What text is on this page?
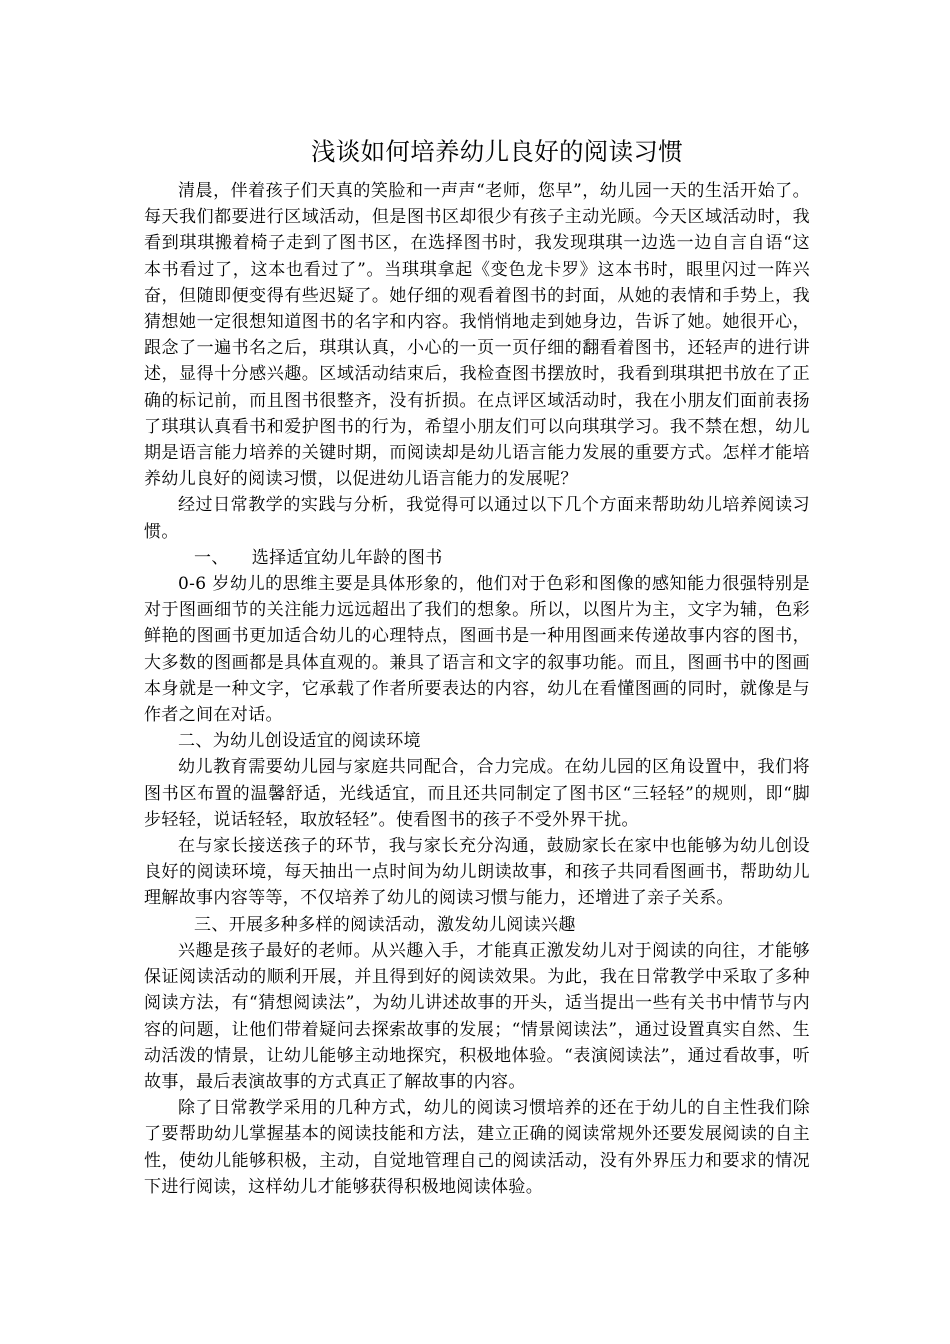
浅谈如何培养幼儿良好的阅读习惯

清晨，伴着孩子们天真的笑脸和一声声“老师，您早”，幼儿园一天的生活开始了。每天我们都要进行区域活动，但是图书区却很少有孩子主动光顾。今天区域活动时，我看到琪琪搬着椅子走到了图书区，在选择图书时，我发现琪琪一边选一边自言自语“这本书看过了，这本也看过了”。当琪琪拿起《变色龙卡罗》这本书时，眼里闪过一阵兴奋，但随即便变得有些迟疑了。她仔细的观看着图书的封面，从她的表情和手势上，我猜想她一定很想知道图书的名字和内容。我悄悄地走到她身边，告诉了她。她很开心，跟念了一遍书名之后，琪琪认真，小心的一页一页仔细的翻看着图书，还轻声的进行讲述，显得十分感兴趣。区域活动结束后，我检查图书摆放时，我看到琪琪把书放在了正确的标记前，而且图书很整齐，没有折损。在点评区域活动时，我在小朋友们面前表扬了琪琪认真看书和爱护图书的行为，希望小朋友们可以向琪琪学习。我不禁在想，幼儿期是语言能力培养的关键时期，而阅读却是幼儿语言能力发展的重要方式。怎样才能培养幼儿良好的阅读习惯，以促进幼儿语言能力的发展呢？

经过日常教学的实践与分析，我觉得可以通过以下几个方面来帮助幼儿培养阅读习惯。

一、    选择适宜幼儿年龄的图书

0-6 岁幼儿的思维主要是具体形象的，他们对于色彩和图像的感知能力很强特别是对于图画细节的关注能力远远超出了我们的想象。所以，以图片为主，文字为辅，色彩鲜艳的图画书更加适合幼儿的心理特点，图画书是一种用图画来传递故事内容的图书，大多数的图画都是具体直观的。兼具了语言和文字的叙事功能。而且，图画书中的图画本身就是一种文字，它承载了作者所要表达的内容，幼儿在看懂图画的同时，就像是与作者之间在对话。

二、为幼儿创设适宜的阅读环境

幼儿教育需要幼儿园与家庭共同配合，合力完成。在幼儿园的区角设置中，我们将图书区布置的温馨舒适，光线适宜，而且还共同制定了图书区“三轻轻”的规则，即“脚步轻轻，说话轻轻，取放轻轻”。使看图书的孩子不受外界干扰。

在与家长接送孩子的环节，我与家长充分沟通，鼓励家长在家中也能够为幼儿创设良好的阅读环境，每天抽出一点时间为幼儿朗读故事，和孩子共同看图画书，帮助幼儿理解故事内容等等，不仅培养了幼儿的阅读习惯与能力，还增进了亲子关系。

三、开展多种多样的阅读活动，激发幼儿阅读兴趣

兴趣是孩子最好的老师。从兴趣入手，才能真正激发幼儿对于阅读的向往，才能够保证阅读活动的顺利开展，并且得到好的阅读效果。为此，我在日常教学中采取了多种阅读方法，有“猜想阅读法”，为幼儿讲述故事的开头，适当提出一些有关书中情节与内容的问题，让他们带着疑问去探索故事的发展；“情景阅读法”，通过设置真实自然、生动活泼的情景，让幼儿能够主动地探究，积极地体验。“表演阅读法”，通过看故事，听故事，最后表演故事的方式真正了解故事的内容。

除了日常教学采用的几种方式，幼儿的阅读习惯培养的还在于幼儿的自主性我们除了要帮助幼儿掌握基本的阅读技能和方法，建立正确的阅读常规外还要发展阅读的自主性，使幼儿能够积极，主动，自觉地管理自己的阅读活动，没有外界压力和要求的情况下进行阅读，这样幼儿才能够获得积极地阅读体验。
